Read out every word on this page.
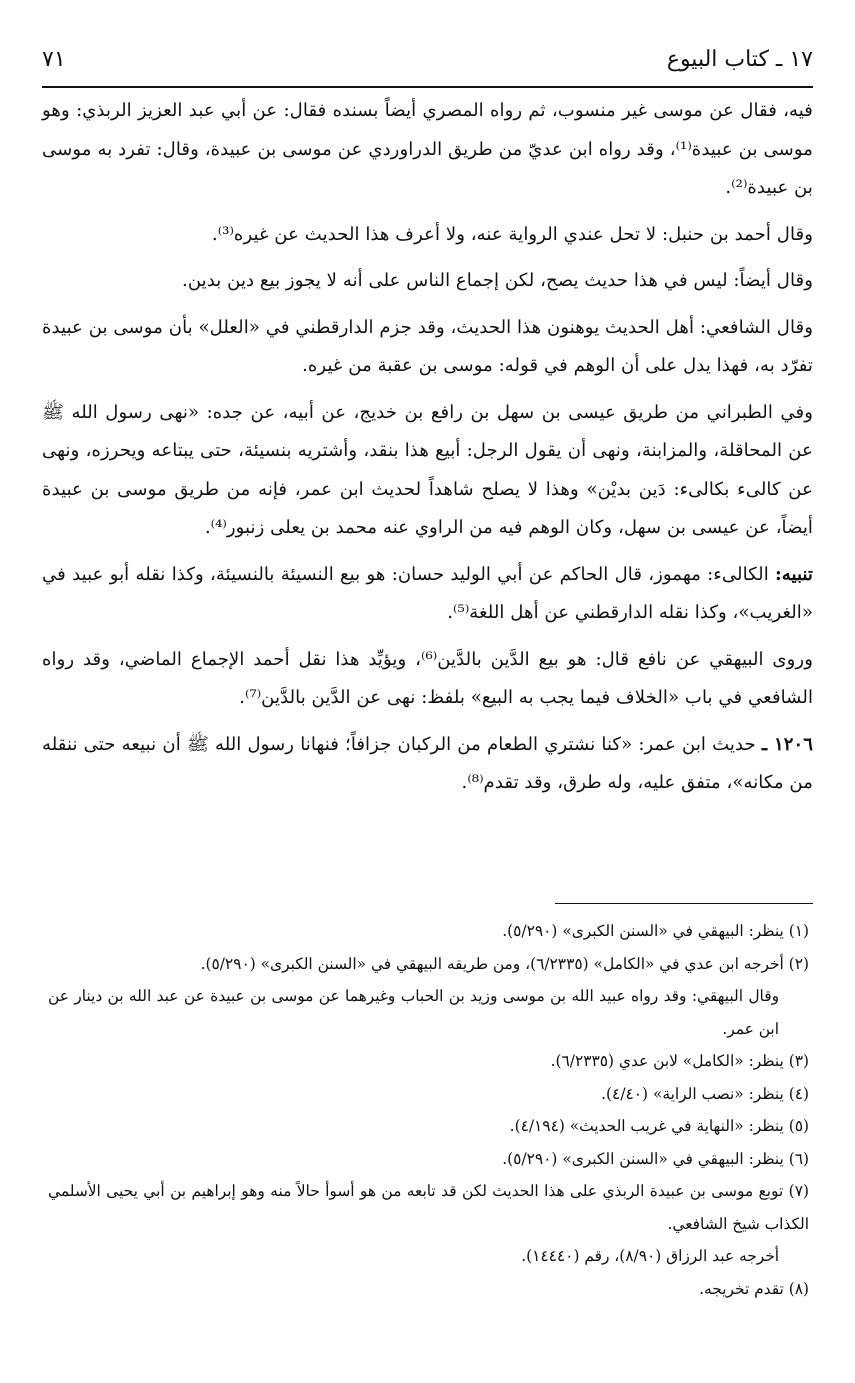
١٧ ـ كتاب البيوع
٧١

فيه، فقال عن موسى غير منسوب، ثم رواه المصري أيضاً بسنده فقال: عن أبي عبد العزيز الربذي: وهو موسى بن عبيدة⁽¹⁾، وقد رواه ابن عديّ من طريق الدراوردي عن موسى بن عبيدة، وقال: تفرد به موسى بن عبيدة⁽²⁾.

وقال أحمد بن حنبل: لا تحل عندي الرواية عنه، ولا أعرف هذا الحديث عن غيره⁽³⁾.

وقال أيضاً: ليس في هذا حديث يصح، لكن إجماع الناس على أنه لا يجوز بيع دين بدين.

وقال الشافعي: أهل الحديث يوهنون هذا الحديث، وقد جزم الدارقطني في «العلل» بأن موسى بن عبيدة تفرّد به، فهذا يدل على أن الوهم في قوله: موسى بن عقبة من غيره.

وفي الطبراني من طريق عيسى بن سهل بن رافع بن خديج، عن أبيه، عن جده: «نهى رسول الله ﷺ عن المحاقلة، والمزابنة، ونهى أن يقول الرجل: أبيع هذا بنقد، وأشتريه بنسيئة، حتى يبتاعه ويحرزه، ونهى عن كالىء بكالىء: دَين بديْن» وهذا لا يصلح شاهداً لحديث ابن عمر، فإنه من طريق موسى بن عبيدة أيضاً، عن عيسى بن سهل، وكان الوهم فيه من الراوي عنه محمد بن يعلى زنبور⁽⁴⁾.

تنبيه: الكالىء: مهموز، قال الحاكم عن أبي الوليد حسان: هو بيع النسيئة بالنسيئة، وكذا نقله أبو عبيد في «الغريب»، وكذا نقله الدارقطني عن أهل اللغة⁽⁵⁾.

وروى البيهقي عن نافع قال: هو بيع الدَّين بالدَّين⁽⁶⁾، ويؤيِّد هذا نقل أحمد الإجماع الماضي، وقد رواه الشافعي في باب «الخلاف فيما يجب به البيع» بلفظ: نهى عن الدَّين بالدَّين⁽⁷⁾.

١٢٠٦ ـ حديث ابن عمر: «كنا نشتري الطعام من الركبان جزافاً؛ فنهانا رسول الله ﷺ أن نبيعه حتى ننقله من مكانه»، متفق عليه، وله طرق، وقد تقدم⁽⁸⁾.

(١) ينظر: البيهقي في «السنن الكبرى» (٥/٢٩٠).

(٢) أخرجه ابن عدي في «الكامل» (٦/٢٣٣٥)، ومن طريقه البيهقي في «السنن الكبرى» (٥/٢٩٠).

وقال البيهقي: وقد رواه عبيد الله بن موسى وزيد بن الحباب وغيرهما عن موسى بن عبيدة عن عبد الله بن دينار عن ابن عمر.

(٣) ينظر: «الكامل» لابن عدي (٦/٢٣٣٥).

(٤) ينظر: «نصب الراية» (٤/٤٠).

(٥) ينظر: «النهاية في غريب الحديث» (٤/١٩٤).

(٦) ينظر: البيهقي في «السنن الكبرى» (٥/٢٩٠).

(٧) توبع موسى بن عبيدة الربذي على هذا الحديث لكن قد تابعه من هو أسوأ حالاً منه وهو إبراهيم بن أبي يحيى الأسلمي الكذاب شيخ الشافعي.

أخرجه عبد الرزاق (٨/٩٠)، رقم (١٤٤٤٠).

(٨) تقدم تخريجه.
